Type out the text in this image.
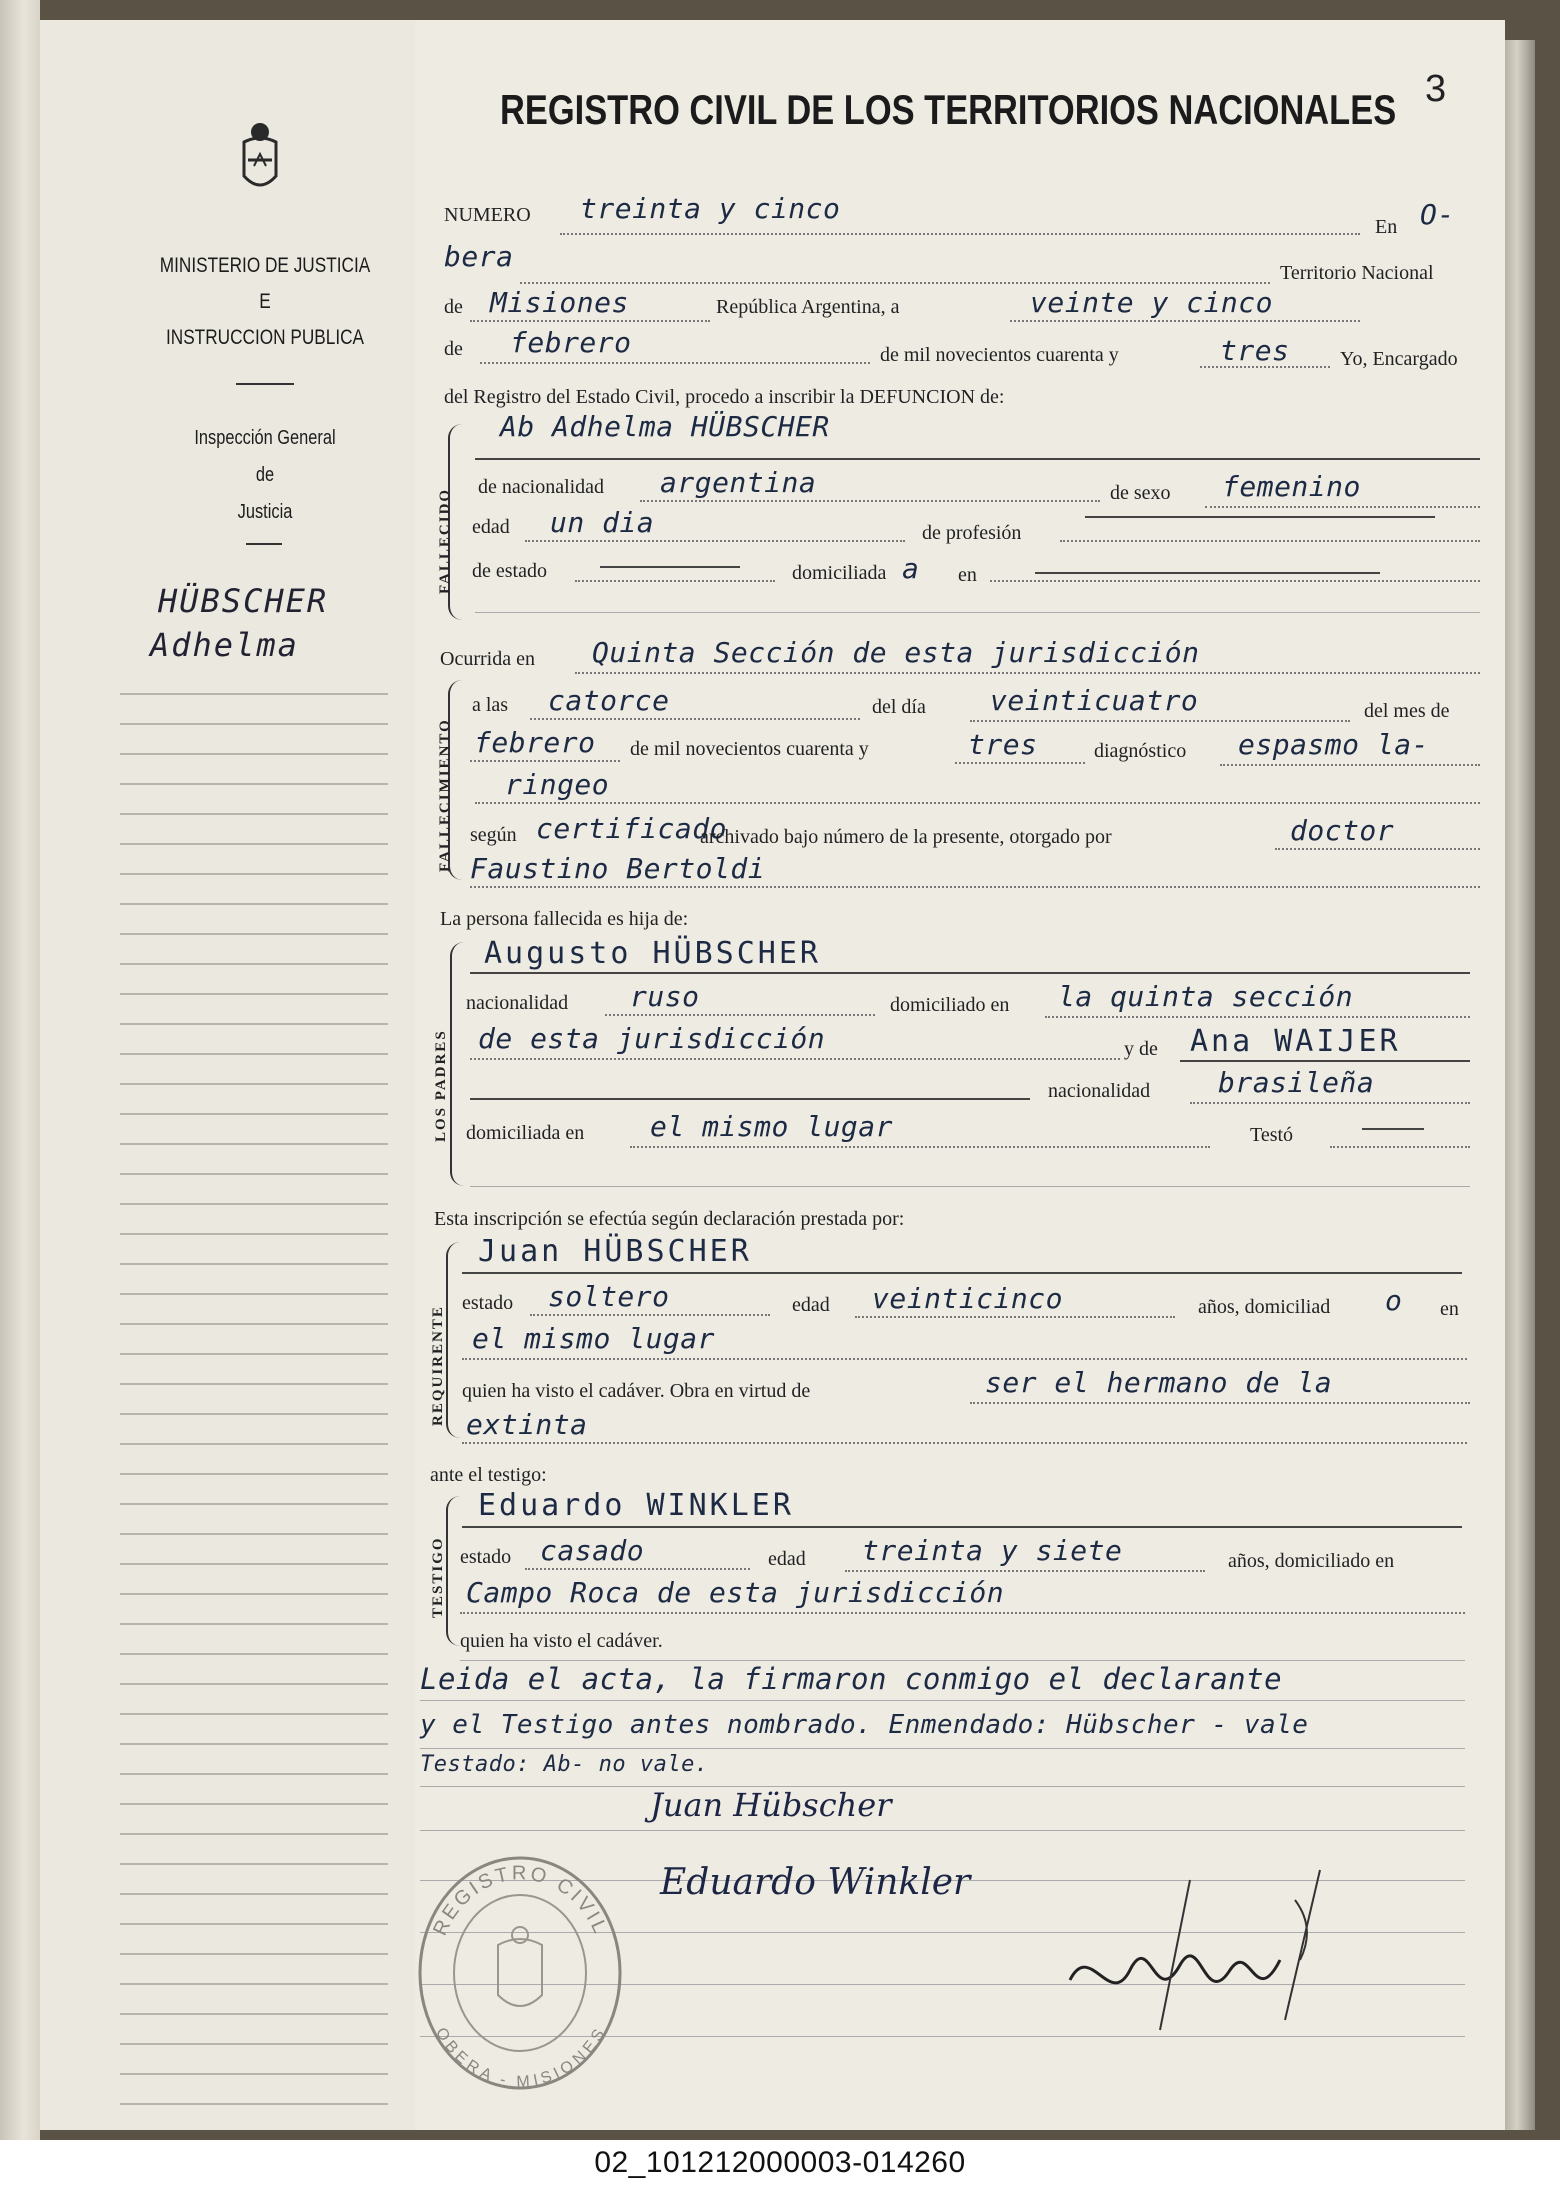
MINISTERIO DE JUSTICIA
E
INSTRUCCION PUBLICA
Inspección General
de
Justicia
HÜBSCHER
Adhelma
REGISTRO CIVIL DE LOS TERRITORIOS NACIONALES 3
NUMERO treinta y cinco
En O-
bera	Territorio Nacional
de Misiones	República Argentina, a	veinte y cinco
de febrero	de mil novecientos cuarenta y	tres	Yo, Encargado
del Registro del Estado Civil, procedo a inscribir la DEFUNCION de:
FALLECIDO
Ab Adhelma HÜBSCHER
de nacionalidad argentina	de sexo femenino
edad un dia	de profesión
de estado	domiciliada a en
Ocurrida en Quinta Sección de esta jurisdicción
FALLECIMIENTO
a las catorce	del día veinticuatro	del mes de
febrero de mil novecientos cuarenta y	tres	diagnóstico espasmo la-
ringeo
según certificado
archivado bajo número de la presente, otorgado por	doctor
Faustino Bertoldi
La persona fallecida es hija de:
LOS PADRES
Augusto HÜBSCHER
nacionalidad ruso	domiciliado en la quinta sección
de esta jurisdicción	y de Ana WAIJER
nacionalidad brasileña
domiciliada en el mismo lugar	Testó
Esta inscripción se efectúa según declaración prestada por:
REQUIRENTE
Juan HÜBSCHER
estado soltero	edad veinticinco	años, domiciliad o en
el mismo lugar
quien ha visto el cadáver. Obra en virtud de	ser el hermano de la
extinta
ante el testigo:
TESTIGO
Eduardo WINKLER
estado casado	edad treinta y siete	años, domiciliado en
Campo Roca de esta jurisdicción
quien ha visto el cadáver.
Leida el acta, la firmaron conmigo el declarante
y el Testigo antes nombrado. Enmendado: Hübscher - vale
Testado: Ab- no vale.
Juan Hübscher
Eduardo Winkler
REGISTRO CIVIL
OBERA - MISIONES
02_101212000003-014260
